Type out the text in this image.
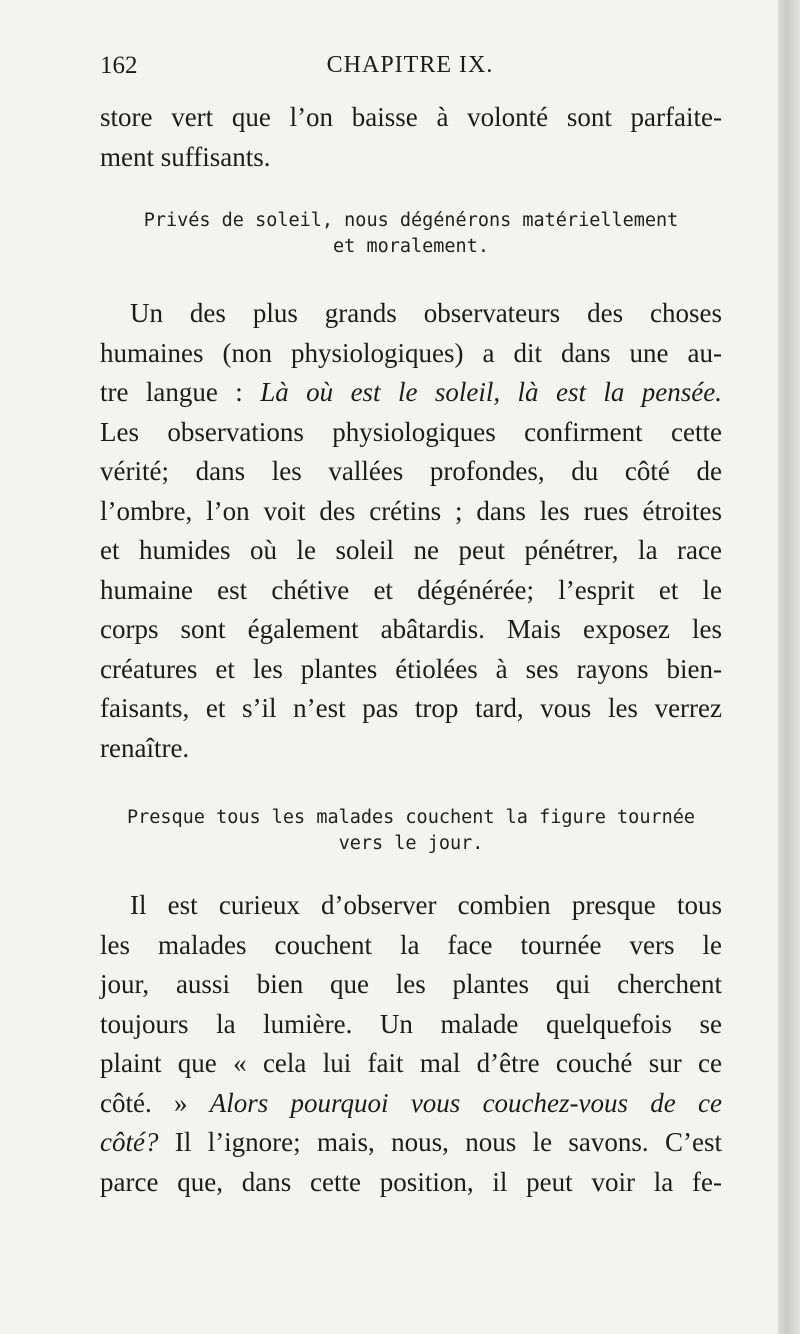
162	CHAPITRE IX.

store vert que l’on baisse à volonté sont parfaite-
ment suffisants.

Privés de soleil, nous dégénérons matériellement
et moralement.

Un des plus grands observateurs des choses
humaines (non physiologiques) a dit dans une au-
tre langue : Là où est le soleil, là est la pensée.
Les observations physiologiques confirment cette
vérité; dans les vallées profondes, du côté de
l’ombre, l’on voit des crétins ; dans les rues étroites
et humides où le soleil ne peut pénétrer, la race
humaine est chétive et dégénérée; l’esprit et le
corps sont également abâtardis. Mais exposez les
créatures et les plantes étiolées à ses rayons bien-
faisants, et s’il n’est pas trop tard, vous les verrez
renaître.

Presque tous les malades couchent la figure tournée
vers le jour.

Il est curieux d’observer combien presque tous
les malades couchent la face tournée vers le
jour, aussi bien que les plantes qui cherchent
toujours la lumière. Un malade quelquefois se
plaint que « cela lui fait mal d’être couché sur ce
côté. » Alors pourquoi vous couchez-vous de ce
côté? Il l’ignore; mais, nous, nous le savons. C’est
parce que, dans cette position, il peut voir la fe-
